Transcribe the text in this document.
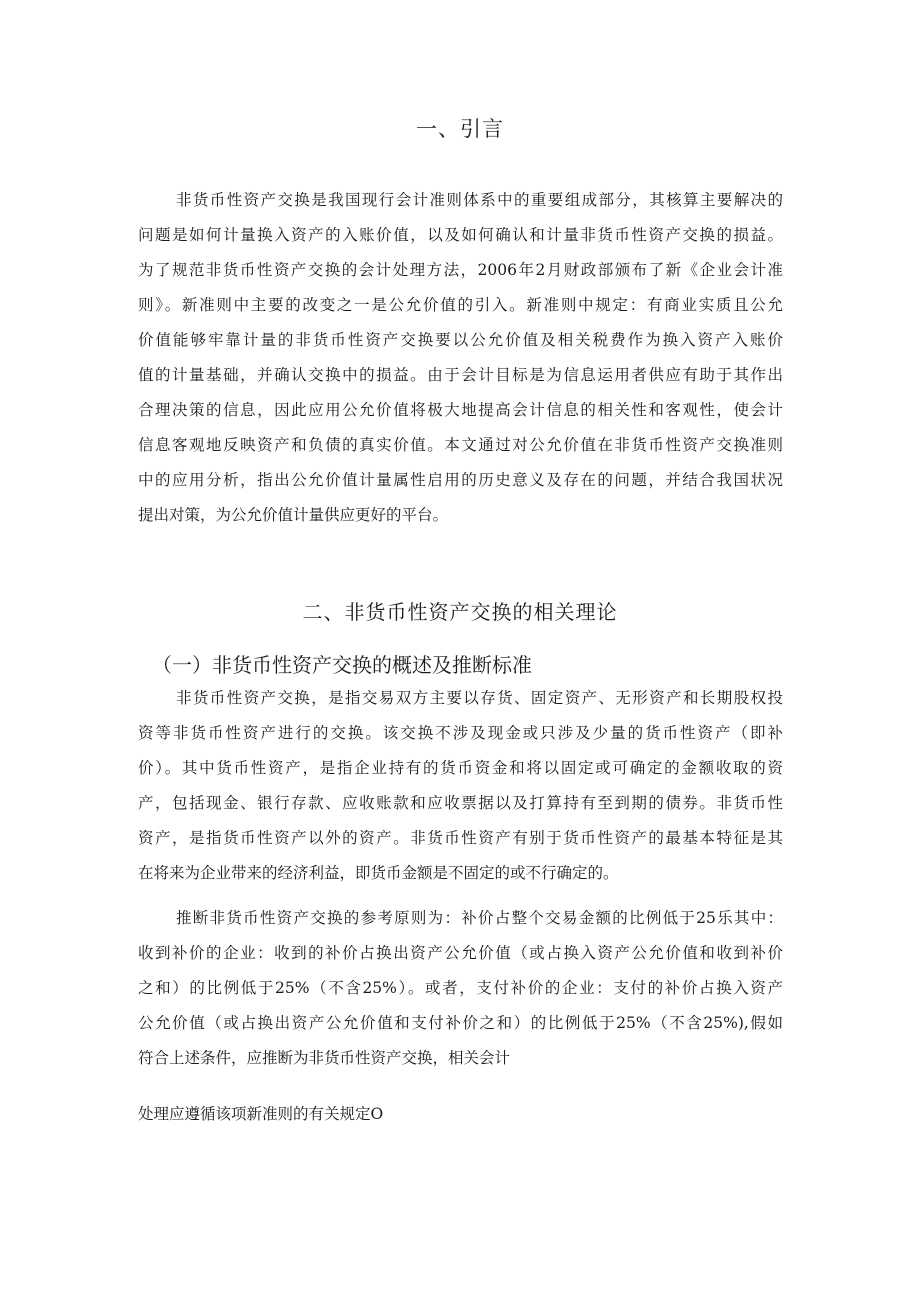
一、引言
非货币性资产交换是我国现行会计准则体系中的重要组成部分，其核算主要解决的
问题是如何计量换入资产的入账价值，以及如何确认和计量非货币性资产交换的损益。
为了规范非货币性资产交换的会计处理方法，2006年2月财政部颁布了新《企业会计准
则》。新准则中主要的改变之一是公允价值的引入。新准则中规定：有商业实质且公允
价值能够牢靠计量的非货币性资产交换要以公允价值及相关税费作为换入资产入账价
值的计量基础，并确认交换中的损益。由于会计目标是为信息运用者供应有助于其作出
合理决策的信息，因此应用公允价值将极大地提高会计信息的相关性和客观性，使会计
信息客观地反映资产和负债的真实价值。本文通过对公允价值在非货币性资产交换准则
中的应用分析，指出公允价值计量属性启用的历史意义及存在的问题，并结合我国状况
提出对策，为公允价值计量供应更好的平台。
二、非货币性资产交换的相关理论
（一）非货币性资产交换的概述及推断标准
非货币性资产交换，是指交易双方主要以存货、固定资产、无形资产和长期股权投
资等非货币性资产进行的交换。该交换不涉及现金或只涉及少量的货币性资产（即补
价）。其中货币性资产，是指企业持有的货币资金和将以固定或可确定的金额收取的资
产，包括现金、银行存款、应收账款和应收票据以及打算持有至到期的债券。非货币性
资产，是指货币性资产以外的资产。非货币性资产有别于货币性资产的最基本特征是其
在将来为企业带来的经济利益，即货币金额是不固定的或不行确定的。
推断非货币性资产交换的参考原则为：补价占整个交易金额的比例低于25乐其中：
收到补价的企业：收到的补价占换出资产公允价值（或占换入资产公允价值和收到补价
之和）的比例低于25%（不含25%）。或者，支付补价的企业：支付的补价占换入资产
公允价值（或占换出资产公允价值和支付补价之和）的比例低于25%（不含25%),假如
符合上述条件，应推断为非货币性资产交换，相关会计
处理应遵循该项新准则的有关规定O
